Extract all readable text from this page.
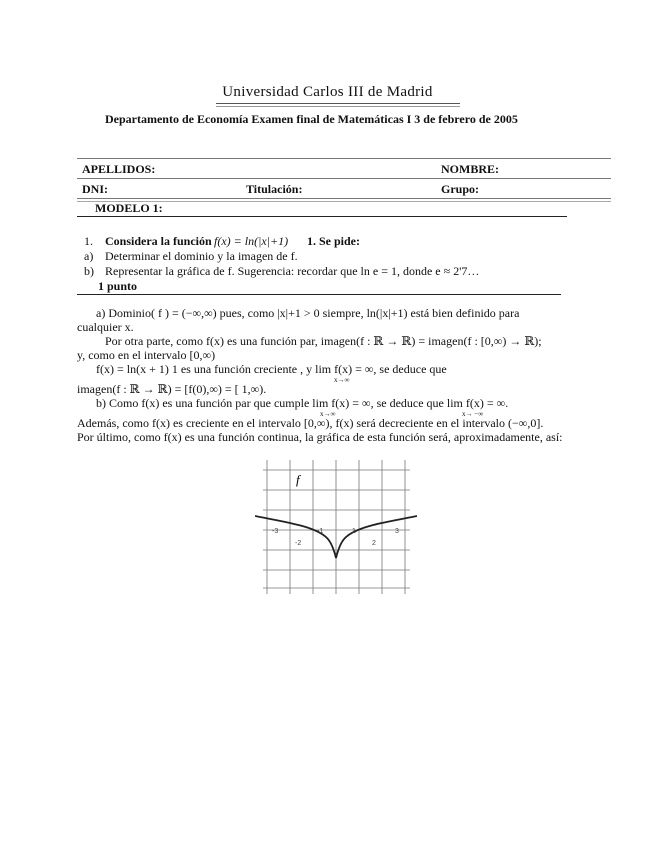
Universidad Carlos III de Madrid
Departamento de Economía Examen final de Matemáticas I 3 de febrero de 2005
APELLIDOS:	NOMBRE:
DNI:	Titulación:	Grupo:
MODELO 1:
1. Considera la función f(x) = ln(|x|+1) 1. Se pide:
a) Determinar el dominio y la imagen de f.
b) Representar la gráfica de f. Sugerencia: recordar que ln e = 1, donde e ≈ 2'7…
1 punto
a) Dominio( f ) = (−∞,∞) pues, como |x|+1 > 0 siempre, ln(|x|+1) está bien definido para
cualquier x.
Por otra parte, como f(x) es una función par, imagen(f : ℝ → ℝ) = imagen(f : [0,∞) → ℝ);
y, como en el intervalo [0,∞)
f(x) = ln(x + 1) 1 es una función creciente , y lim f(x) = ∞, se deduce que
x→∞
imagen(f : ℝ → ℝ) = [f(0),∞) = [ 1,∞).
b) Como f(x) es una función par que cumple lim f(x) = ∞, se deduce que lim f(x) = ∞.
x→∞	x→ −∞
Además, como f(x) es creciente en el intervalo [0,∞), f(x) será decreciente en el intervalo (−∞,0].
Por último, como f(x) es una función continua, la gráfica de esta función será, aproximadamente, así:
f
-3
-2
-1	1
2
3
